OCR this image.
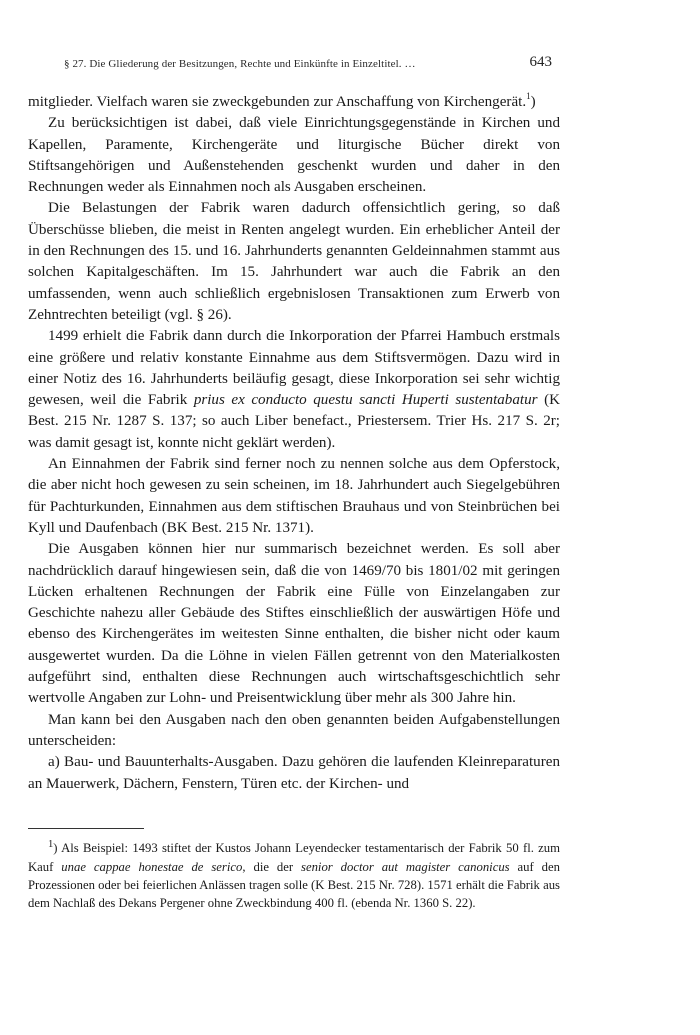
§ 27. Die Gliederung der Besitzungen, Rechte und Einkünfte in Einzeltitel. …	643

mitglieder. Vielfach waren sie zweckgebunden zur Anschaffung von Kirchengerät.$^1$)

Zu berücksichtigen ist dabei, daß viele Einrichtungsgegenstände in Kirchen und Kapellen, Paramente, Kirchengeräte und liturgische Bücher direkt von Stiftsangehörigen und Außenstehenden geschenkt wurden und daher in den Rechnungen weder als Einnahmen noch als Ausgaben erscheinen.

Die Belastungen der Fabrik waren dadurch offensichtlich gering, so daß Überschüsse blieben, die meist in Renten angelegt wurden. Ein erheblicher Anteil der in den Rechnungen des 15. und 16. Jahrhunderts genannten Geldeinnahmen stammt aus solchen Kapitalgeschäften. Im 15. Jahrhundert war auch die Fabrik an den umfassenden, wenn auch schließlich ergebnislosen Transaktionen zum Erwerb von Zehntrechten beteiligt (vgl. § 26).

1499 erhielt die Fabrik dann durch die Inkorporation der Pfarrei Hambuch erstmals eine größere und relativ konstante Einnahme aus dem Stiftsvermögen. Dazu wird in einer Notiz des 16. Jahrhunderts beiläufig gesagt, diese Inkorporation sei sehr wichtig gewesen, weil die Fabrik prius ex conducto questu sancti Huperti sustentabatur (K Best. 215 Nr. 1287 S. 137; so auch Liber benefact., Priestersem. Trier Hs. 217 S. 2r; was damit gesagt ist, konnte nicht geklärt werden).

An Einnahmen der Fabrik sind ferner noch zu nennen solche aus dem Opferstock, die aber nicht hoch gewesen zu sein scheinen, im 18. Jahrhundert auch Siegelgebühren für Pachturkunden, Einnahmen aus dem stiftischen Brauhaus und von Steinbrüchen bei Kyll und Daufenbach (BK Best. 215 Nr. 1371).

Die Ausgaben können hier nur summarisch bezeichnet werden. Es soll aber nachdrücklich darauf hingewiesen sein, daß die von 1469/70 bis 1801/02 mit geringen Lücken erhaltenen Rechnungen der Fabrik eine Fülle von Einzelangaben zur Geschichte nahezu aller Gebäude des Stiftes einschließlich der auswärtigen Höfe und ebenso des Kirchengerätes im weitesten Sinne enthalten, die bisher nicht oder kaum ausgewertet wurden. Da die Löhne in vielen Fällen getrennt von den Materialkosten aufgeführt sind, enthalten diese Rechnungen auch wirtschaftsgeschichtlich sehr wertvolle Angaben zur Lohn- und Preisentwicklung über mehr als 300 Jahre hin.

Man kann bei den Ausgaben nach den oben genannten beiden Aufgabenstellungen unterscheiden:

a) Bau- und Bauunterhalts-Ausgaben. Dazu gehören die laufenden Kleinreparaturen an Mauerwerk, Dächern, Fenstern, Türen etc. der Kirchen- und

$^1$) Als Beispiel: 1493 stiftet der Kustos Johann Leyendecker testamentarisch der Fabrik 50 fl. zum Kauf unae cappae honestae de serico, die der senior doctor aut magister canonicus auf den Prozessionen oder bei feierlichen Anlässen tragen solle (K Best. 215 Nr. 728). 1571 erhält die Fabrik aus dem Nachlaß des Dekans Pergener ohne Zweckbindung 400 fl. (ebenda Nr. 1360 S. 22).
